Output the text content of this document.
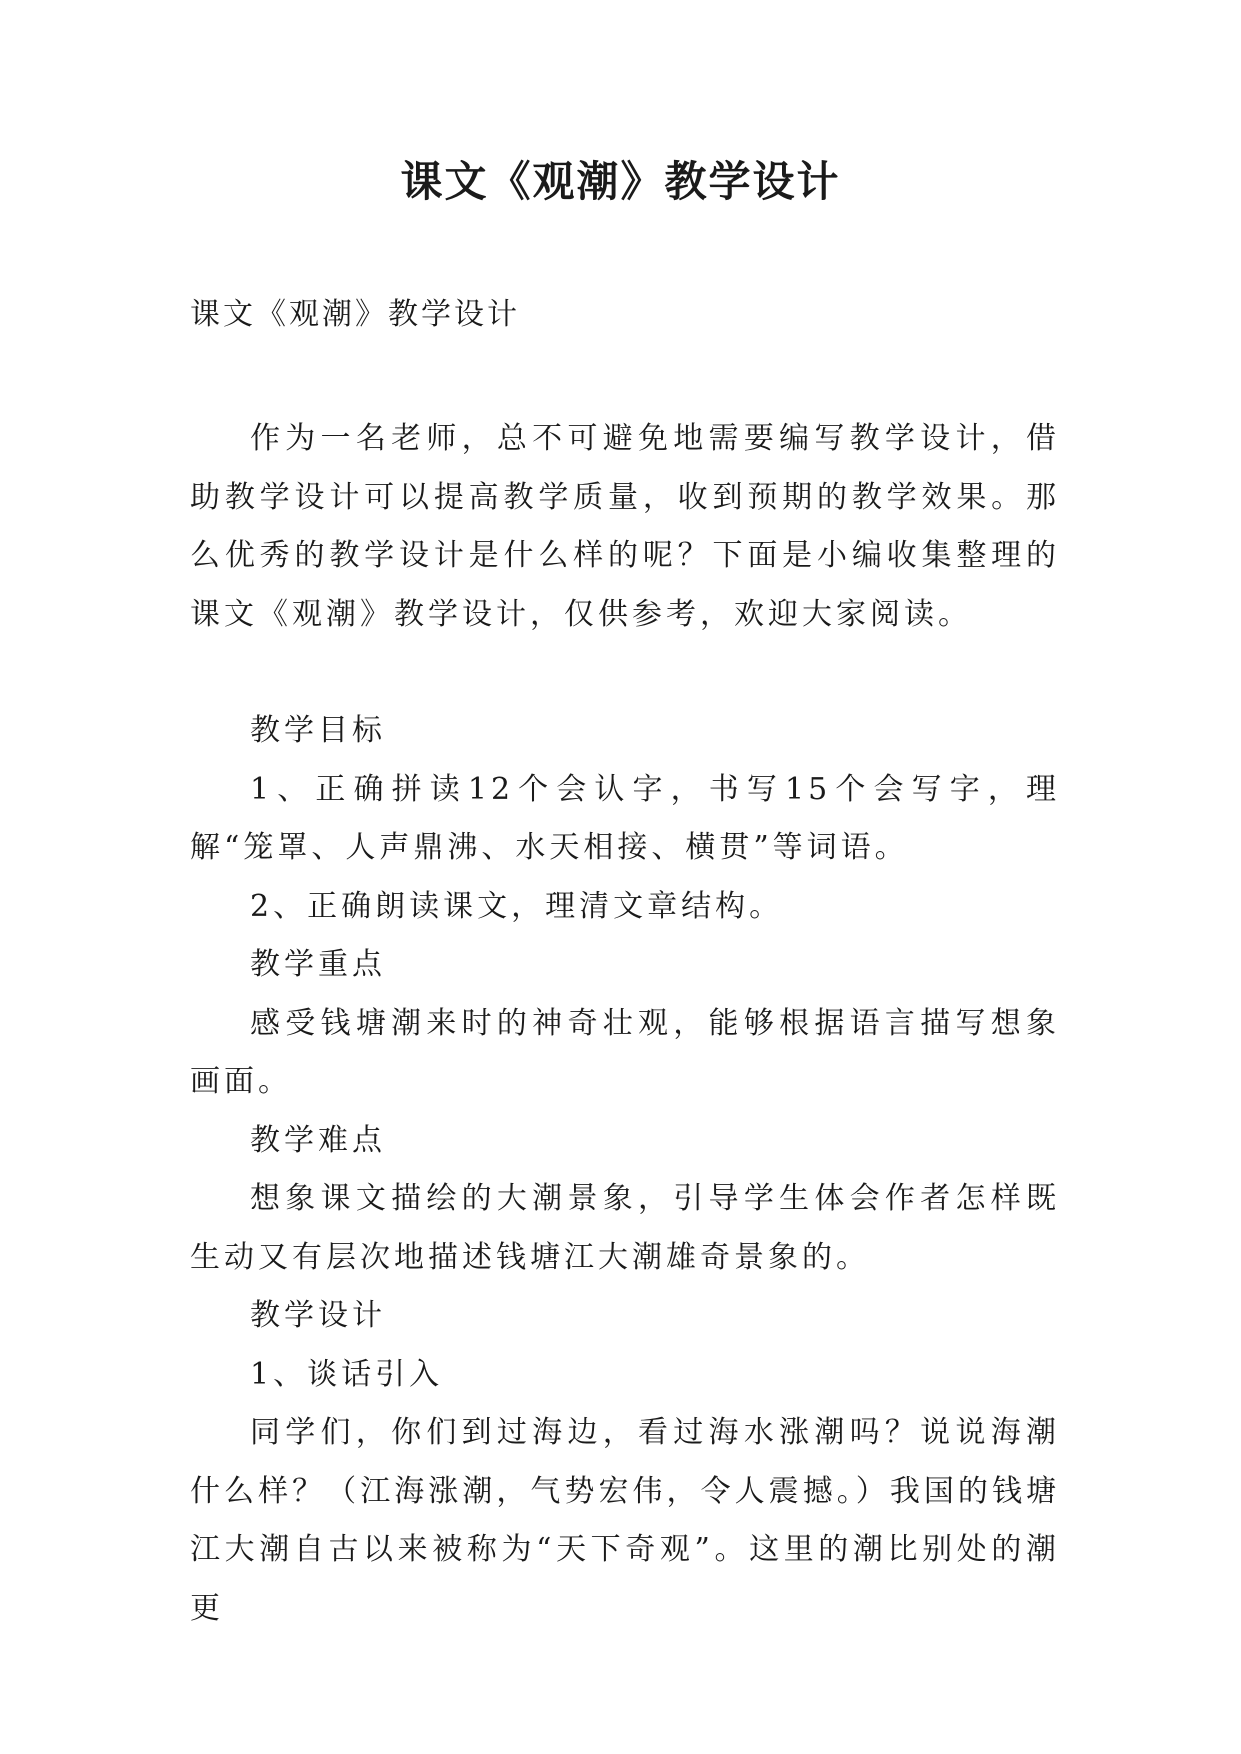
课文《观潮》教学设计
课文《观潮》教学设计

作为一名老师，总不可避免地需要编写教学设计，借助教学设计可以提高教学质量，收到预期的教学效果。那么优秀的教学设计是什么样的呢？下面是小编收集整理的课文《观潮》教学设计，仅供参考，欢迎大家阅读。

教学目标

1、正确拼读12个会认字，书写15个会写字，理解“笼罩、人声鼎沸、水天相接、横贯”等词语。

2、正确朗读课文，理清文章结构。

教学重点

感受钱塘潮来时的神奇壮观，能够根据语言描写想象画面。

教学难点

想象课文描绘的大潮景象，引导学生体会作者怎样既生动又有层次地描述钱塘江大潮雄奇景象的。

教学设计

1、谈话引入

同学们，你们到过海边，看过海水涨潮吗？说说海潮什么样？（江海涨潮，气势宏伟，令人震撼。）我国的钱塘江大潮自古以来被称为“天下奇观”。这里的潮比别处的潮更
